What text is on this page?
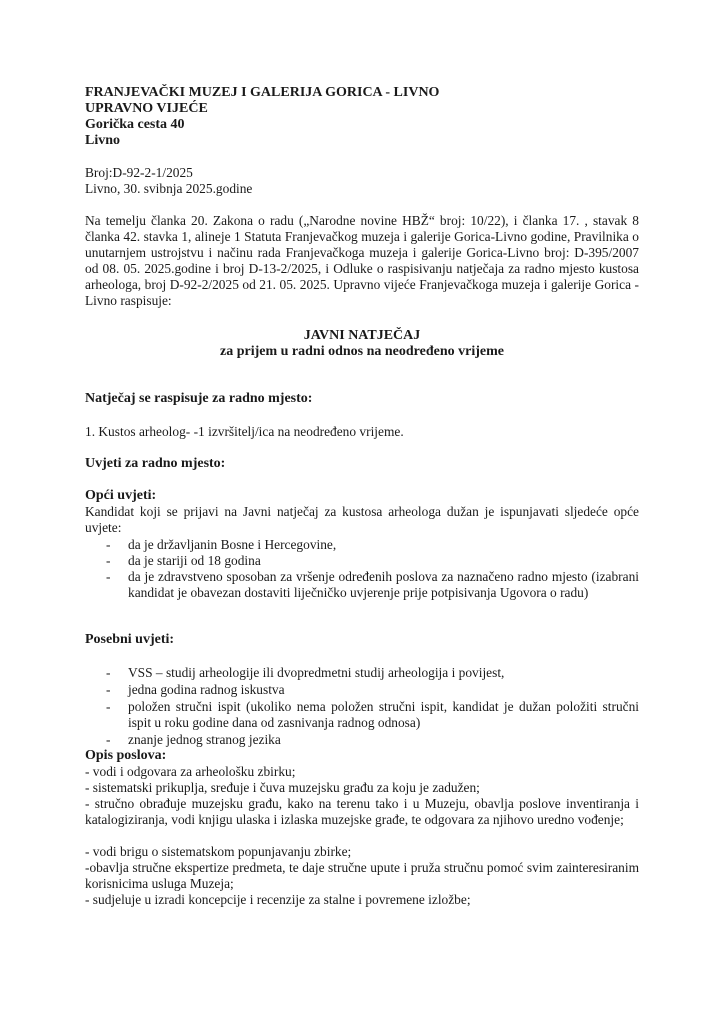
FRANJEVAČKI MUZEJ I GALERIJA GORICA - LIVNO

UPRAVNO VIJEĆE

Gorička cesta 40

Livno

Broj:D-92-2-1/2025

Livno, 30. svibnja 2025.godine

Na temelju članka 20. Zakona o radu („Narodne novine HBŽ“ broj: 10/22), i članka 17. , stavak 8 članka 42. stavka 1, alineje 1 Statuta Franjevačkog muzeja i galerije Gorica-Livno godine, Pravilnika o unutarnjem ustrojstvu i načinu rada Franjevačkoga muzeja i galerije Gorica-Livno broj: D-395/2007 od 08. 05. 2025.godine i broj D-13-2/2025, i Odluke o raspisivanju natječaja za radno mjesto kustosa arheologa, broj D-92-2/2025 od 21. 05. 2025. Upravno vijeće Franjevačkoga muzeja i galerije Gorica - Livno raspisuje:

JAVNI NATJEČAJ

za prijem u radni odnos na neodređeno vrijeme

Natječaj se raspisuje za radno mjesto:

1. Kustos arheolog- -1 izvršitelj/ica na neodređeno vrijeme.

Uvjeti za radno mjesto:

Opći uvjeti:

Kandidat koji se prijavi na Javni natječaj za kustosa arheologa dužan je ispunjavati sljedeće opće uvjete:

- da je državljanin Bosne i Hercegovine,

- da je stariji od 18 godina

- da je zdravstveno sposoban za vršenje određenih poslova za naznačeno radno mjesto (izabrani kandidat je obavezan dostaviti liječničko uvjerenje prije potpisivanja Ugovora o radu)

Posebni uvjeti:

- VSS – studij arheologije ili dvopredmetni studij arheologija i povijest,

- jedna godina radnog iskustva

- položen stručni ispit (ukoliko nema položen stručni ispit, kandidat je dužan položiti stručni ispit u roku godine dana od zasnivanja radnog odnosa)

- znanje jednog stranog jezika

Opis poslova:

- vodi i odgovara za arheološku zbirku;

- sistematski prikuplja, sređuje i čuva muzejsku građu za koju je zadužen;

- stručno obrađuje muzejsku građu, kako na terenu tako i u Muzeju, obavlja poslove inventiranja i katalogiziranja, vodi knjigu ulaska i izlaska muzejske građe, te odgovara za njihovo uredno vođenje;

- vodi brigu o sistematskom popunjavanju zbirke;

-obavlja stručne ekspertize predmeta, te daje stručne upute i pruža stručnu pomoć svim zainteresiranim korisnicima usluga Muzeja;

- sudjeluje u izradi koncepcije i recenzije za stalne i povremene izložbe;
